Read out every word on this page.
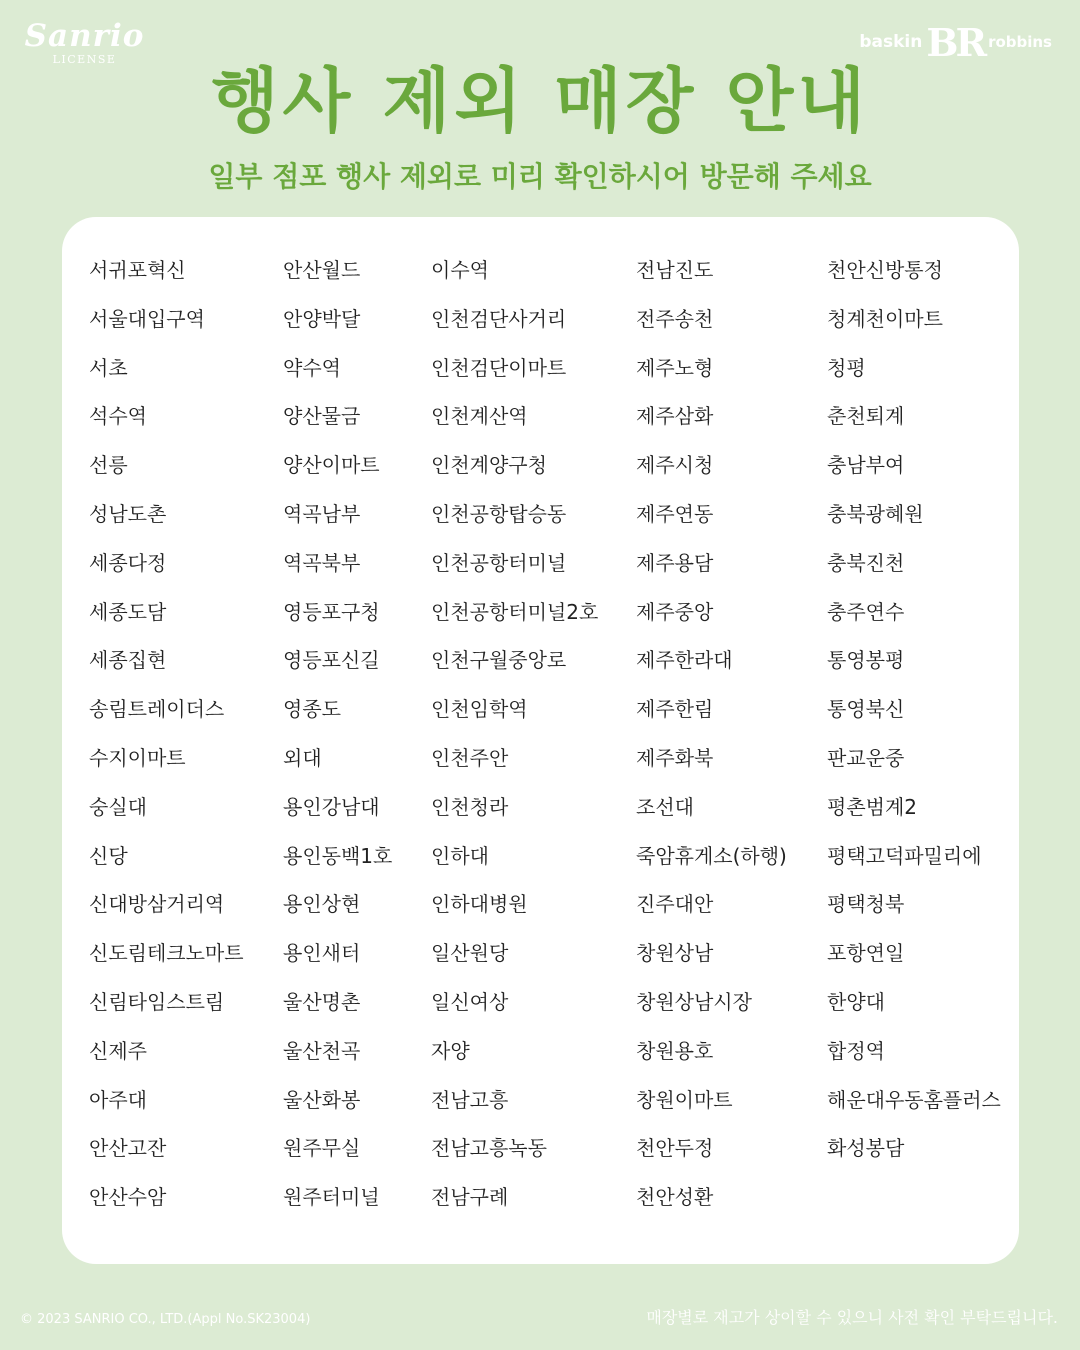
Sanrio
LICENSE
baskin BR robbins
행사 제외 매장 안내
일부 점포 행사 제외로 미리 확인하시어 방문해 주세요
서귀포혁신
서울대입구역
서초
석수역
선릉
성남도촌
세종다정
세종도담
세종집현
송림트레이더스
수지이마트
숭실대
신당
신대방삼거리역
신도림테크노마트
신림타임스트림
신제주
아주대
안산고잔
안산수암
안산월드
안양박달
약수역
양산물금
양산이마트
역곡남부
역곡북부
영등포구청
영등포신길
영종도
외대
용인강남대
용인동백1호
용인상현
용인새터
울산명촌
울산천곡
울산화봉
원주무실
원주터미널
이수역
인천검단사거리
인천검단이마트
인천계산역
인천계양구청
인천공항탑승동
인천공항터미널
인천공항터미널2호
인천구월중앙로
인천임학역
인천주안
인천청라
인하대
인하대병원
일산원당
일신여상
자양
전남고흥
전남고흥녹동
전남구례
전남진도
전주송천
제주노형
제주삼화
제주시청
제주연동
제주용담
제주중앙
제주한라대
제주한림
제주화북
조선대
죽암휴게소(하행)
진주대안
창원상남
창원상남시장
창원용호
창원이마트
천안두정
천안성환
천안신방통정
청계천이마트
청평
춘천퇴계
충남부여
충북광혜원
충북진천
충주연수
통영봉평
통영북신
판교운중
평촌범계2
평택고덕파밀리에
평택청북
포항연일
한양대
합정역
해운대우동홈플러스
화성봉담
© 2023 SANRIO CO., LTD.(Appl No.SK23004)	매장별로 재고가 상이할 수 있으니 사전 확인 부탁드립니다.
